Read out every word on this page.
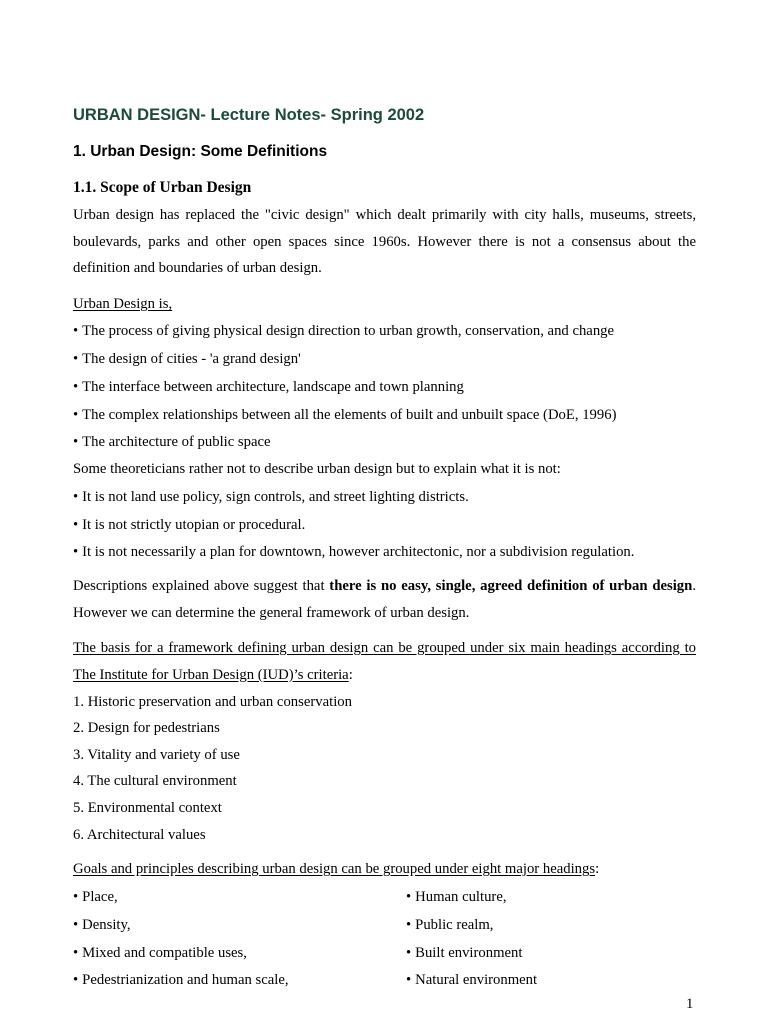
URBAN DESIGN- Lecture Notes- Spring 2002
1. Urban Design: Some Definitions
1.1. Scope of Urban Design
Urban design has replaced the "civic design" which dealt primarily with city halls, museums, streets, boulevards, parks and other open spaces since 1960s. However there is not a consensus about the definition and boundaries of urban design.
Urban Design is,
• The process of giving physical design direction to urban growth, conservation, and change
• The design of cities - 'a grand design'
• The interface between architecture, landscape and town planning
• The complex relationships between all the elements of built and unbuilt space (DoE, 1996)
• The architecture of public space
Some theoreticians rather not to describe urban design but to explain what it is not:
• It is not land use policy, sign controls, and street lighting districts.
• It is not strictly utopian or procedural.
• It is not necessarily a plan for downtown, however architectonic, nor a subdivision regulation.
Descriptions explained above suggest that there is no easy, single, agreed definition of urban design. However we can determine the general framework of urban design.
The basis for a framework defining urban design can be grouped under six main headings according to The Institute for Urban Design (IUD)’s criteria:
1. Historic preservation and urban conservation
2. Design for pedestrians
3. Vitality and variety of use
4. The cultural environment
5. Environmental context
6. Architectural values
Goals and principles describing urban design can be grouped under eight major headings:
• Place,
• Density,
• Mixed and compatible uses,
• Pedestrianization and human scale,
• Human culture,
• Public realm,
• Built environment
• Natural environment
1
